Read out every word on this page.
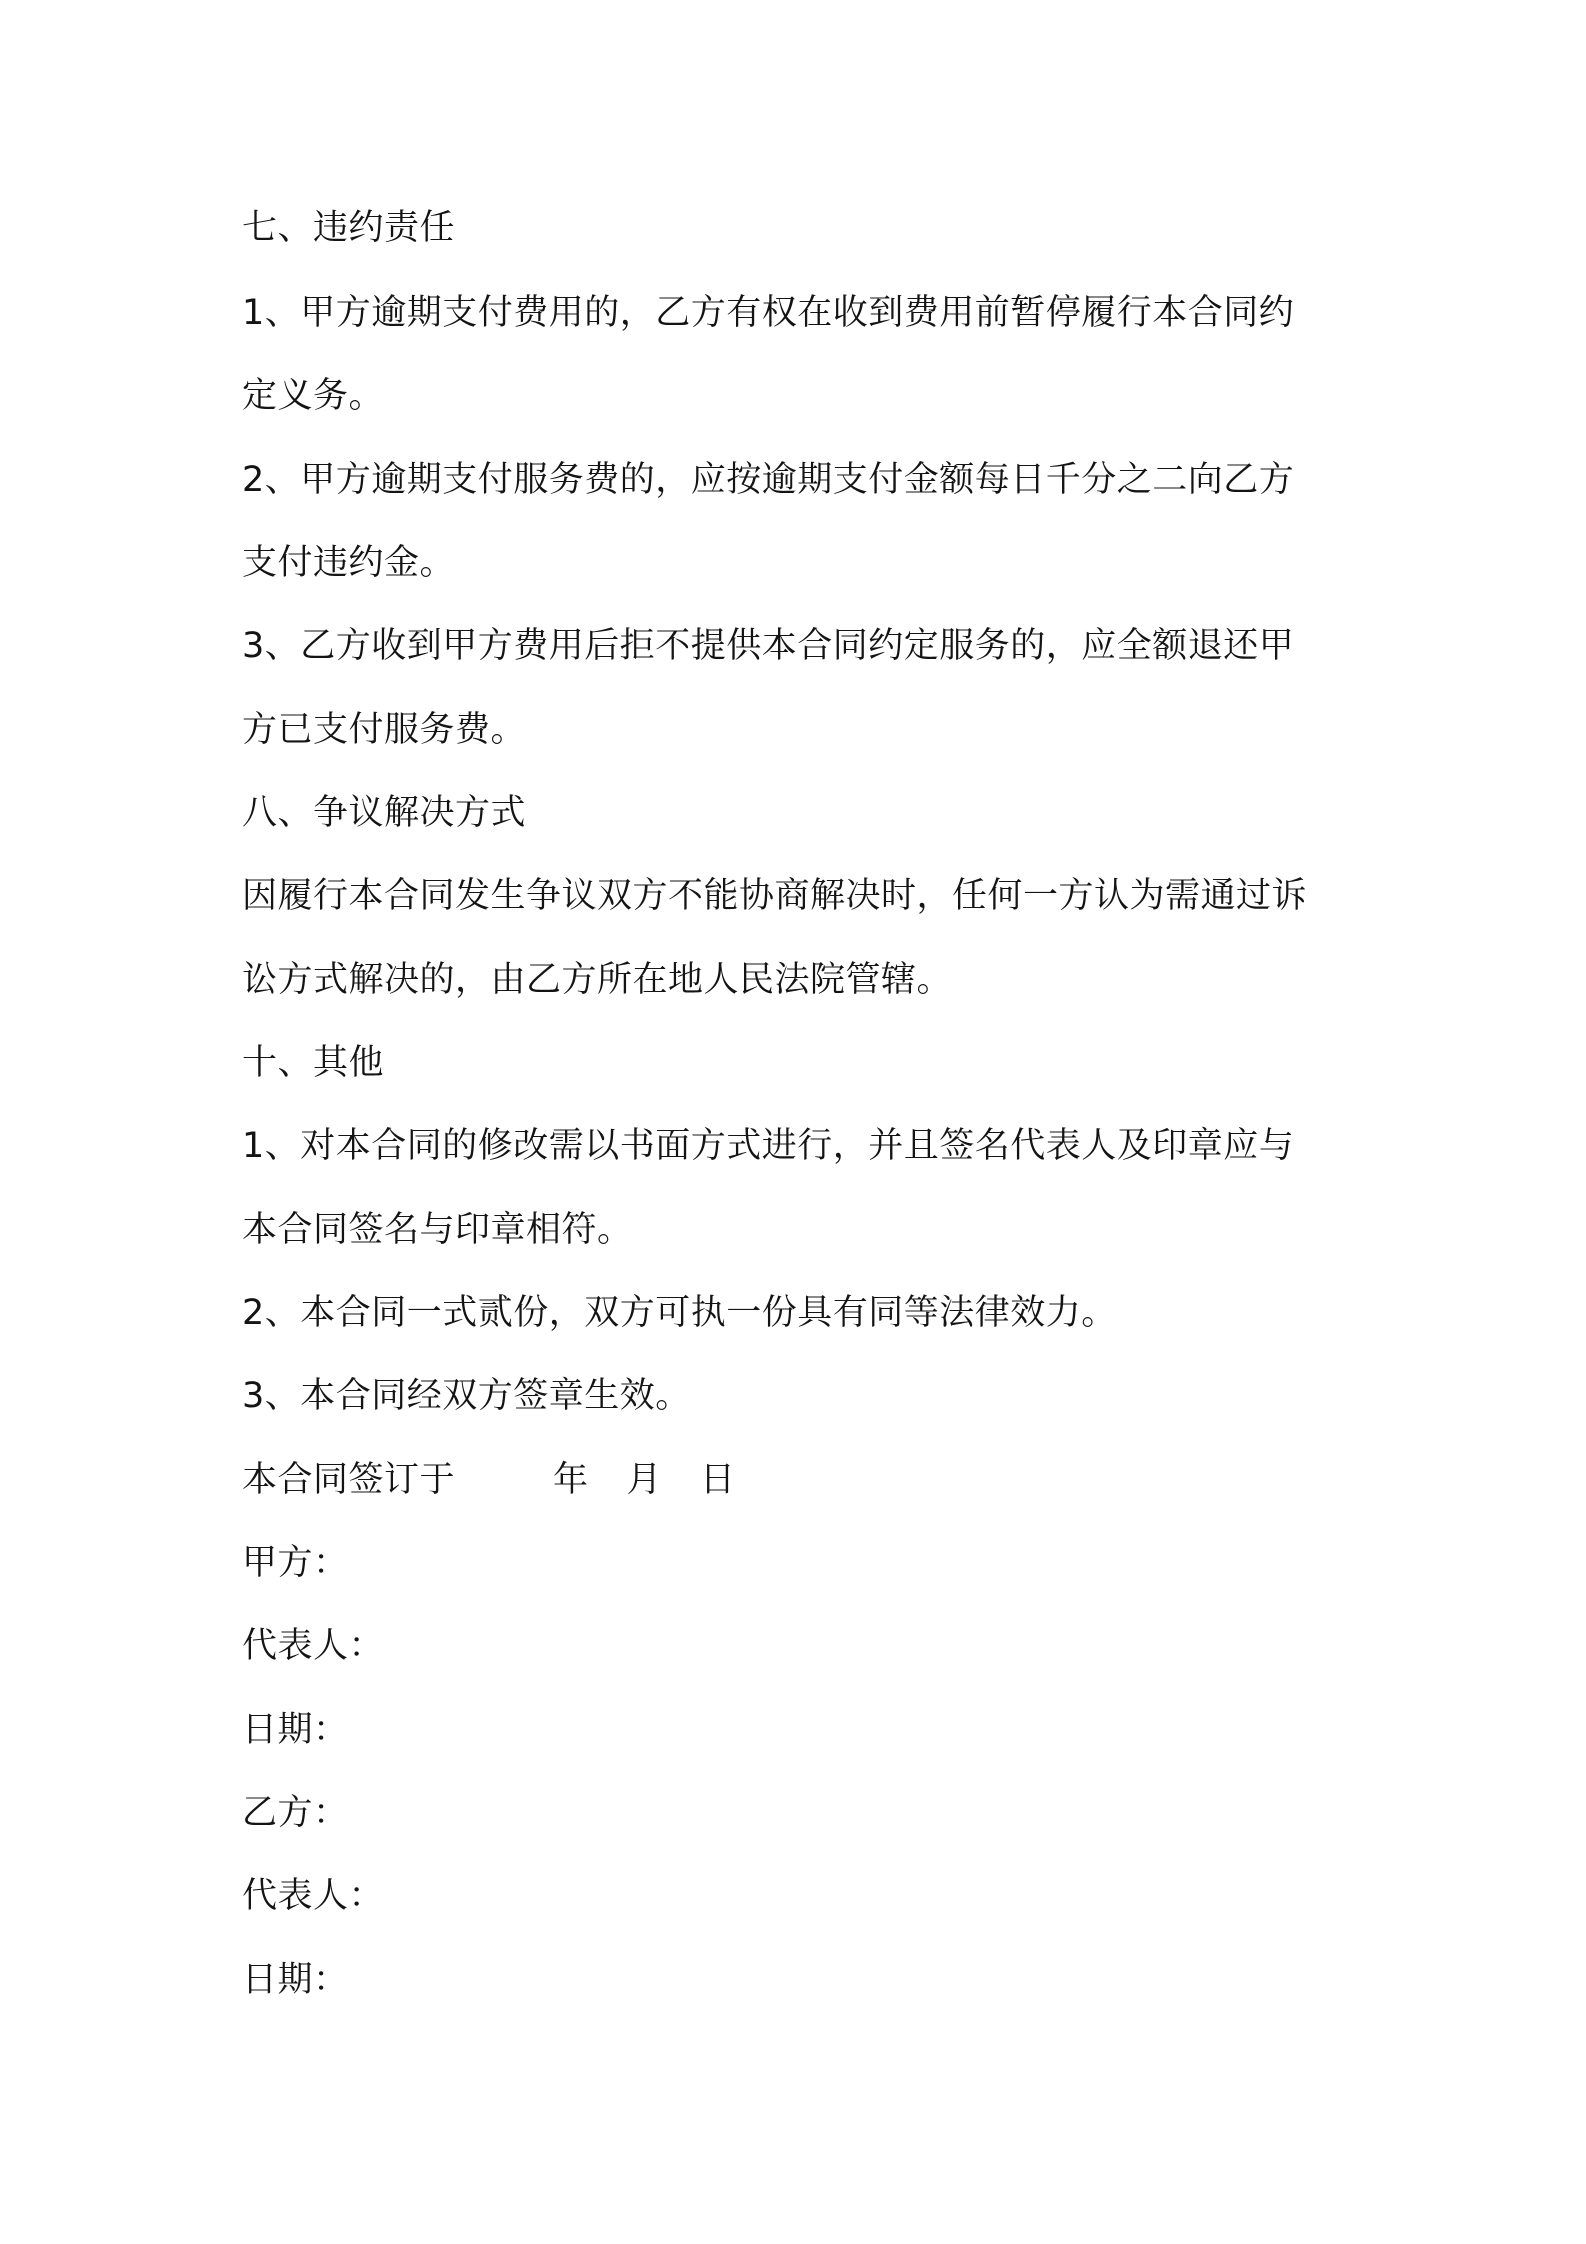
七、违约责任

1、甲方逾期支付费用的，乙方有权在收到费用前暂停履行本合同约

定义务。

2、甲方逾期支付服务费的，应按逾期支付金额每日千分之二向乙方

支付违约金。

3、乙方收到甲方费用后拒不提供本合同约定服务的，应全额退还甲

方已支付服务费。

八、争议解决方式

因履行本合同发生争议双方不能协商解决时，任何一方认为需通过诉

讼方式解决的，由乙方所在地人民法院管辖。

十、其他

1、对本合同的修改需以书面方式进行，并且签名代表人及印章应与

本合同签名与印章相符。

2、本合同一式贰份，双方可执一份具有同等法律效力。

3、本合同经双方签章生效。

本合同签订于	年 月 日

甲方：

代表人：

日期：

乙方：

代表人：

日期：
